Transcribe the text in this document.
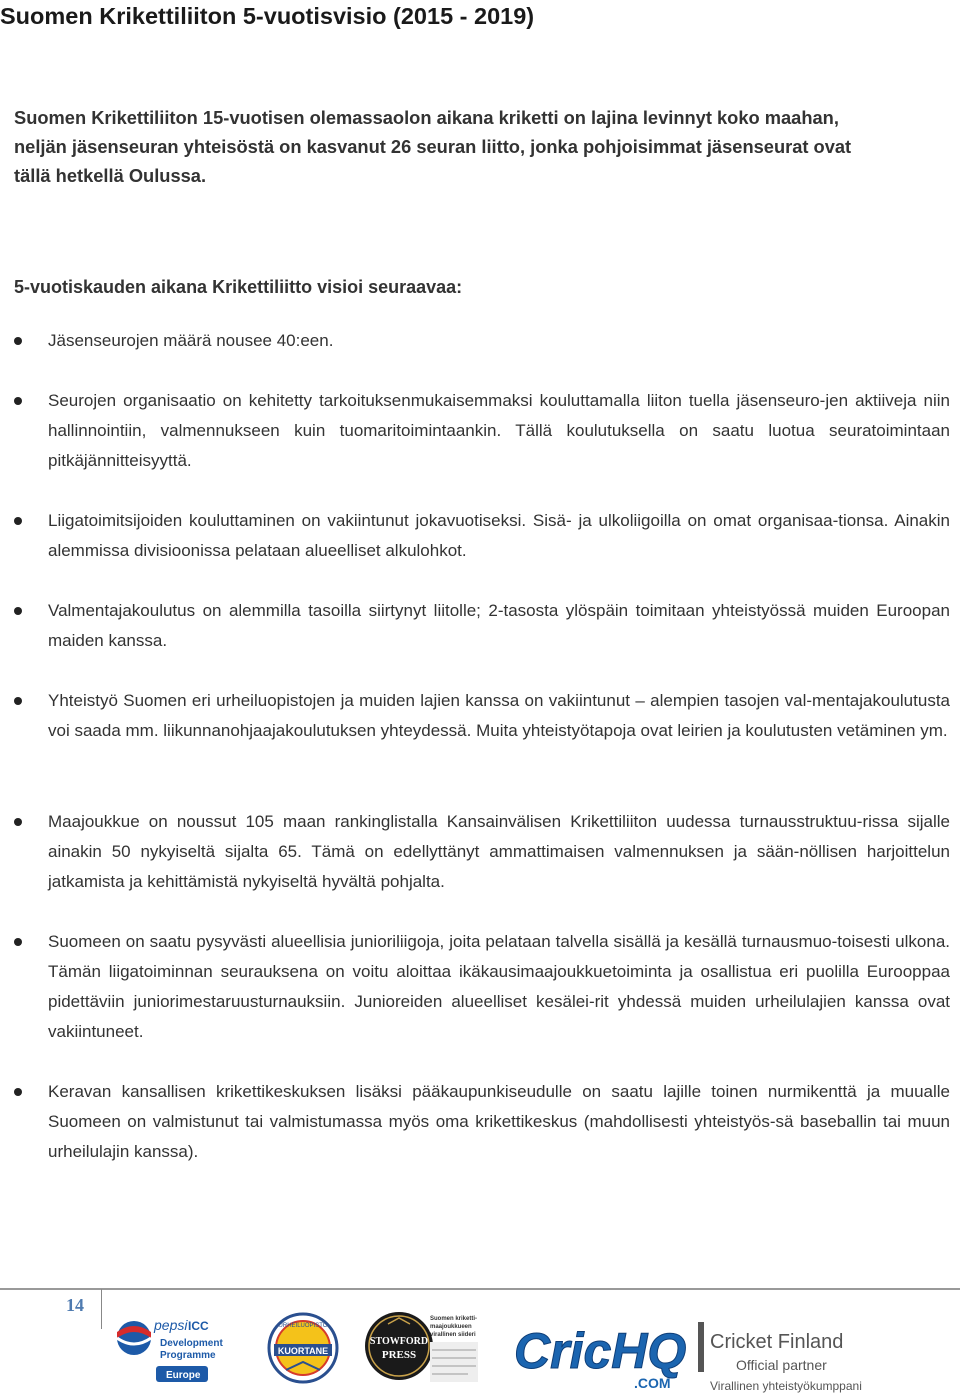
Suomen Krikettiliiton 5-vuotisvisio (2015 - 2019)
Suomen Krikettiliiton 15-vuotisen olemassaolon aikana kriketti on lajina levinnyt koko maahan,
neljän jäsenseuran yhteisöstä on kasvanut 26 seuran liitto, jonka pohjoisimmat jäsenseurat ovat
tällä hetkellä Oulussa.
5-vuotiskauden aikana Krikettiliitto visioi seuraavaa:
Jäsenseurojen määrä nousee 40:een.
Seurojen organisaatio on kehitetty tarkoituksenmukaisemmaksi kouluttamalla liiton tuella jäsenseuro-jen aktiiveja niin hallinnointiin, valmennukseen kuin tuomaritoimintaankin. Tällä koulutuksella on saatu luotua seuratoimintaan pitkäjännitteisyyttä.
Liigatoimitsijoiden kouluttaminen on vakiintunut jokavuotiseksi. Sisä- ja ulkoliigoilla on omat organisaa-tionsa. Ainakin alemmissa divisioonissa pelataan alueelliset alkulohkot.
Valmentajakoulutus on alemmilla tasoilla siirtynyt liitolle; 2-tasosta ylöspäin toimitaan yhteistyössä muiden Euroopan maiden kanssa.
Yhteistyö Suomen eri urheiluopistojen ja muiden lajien kanssa on vakiintunut – alempien tasojen val-mentajakoulutusta voi saada mm. liikunnanohjaajakoulutuksen yhteydessä. Muita yhteistyötapoja ovat leirien ja koulutusten vetäminen ym.
Maajoukkue on noussut 105 maan rankinglistalla Kansainvälisen Krikettiliiton uudessa turnausstruktuu-rissa sijalle ainakin 50 nykyiseltä sijalta 65. Tämä on edellyttänyt ammattimaisen valmennuksen ja sään-nöllisen harjoittelun jatkamista ja kehittämistä nykyiseltä hyvältä pohjalta.
Suomeen on saatu pysyvästi alueellisia junioriliigoja, joita pelataan talvella sisällä ja kesällä turnausmuo-toisesti ulkona. Tämän liigatoiminnan seurauksena on voitu aloittaa ikäkausimaajoukkuetoiminta ja osallistua eri puolilla Eurooppaa pidettäviin juniorimestaruusturnauksiin. Junioreiden alueelliset kesälei-rit yhdessä muiden urheilulajien kanssa ovat vakiintuneet.
Keravan kansallisen krikettikeskuksen lisäksi pääkaupunkiseudulle on saatu lajille toinen nurmikenttä ja muualle Suomeen on valmistunut tai valmistumassa myös oma krikettikeskus (mahdollisesti yhteistyös-sä baseballin tai muun urheilulajin kanssa).
14
pepsi ICC
Development
Programme
Europe
URHEILUOPISTO
KUORTANE
STOWFORD
PRESS
Suomen kriketti-
maajoukkueen
virallinen siideri CricHQ
.COM
Cricket Finland
Official partner
Virallinen yhteistyökumppani
